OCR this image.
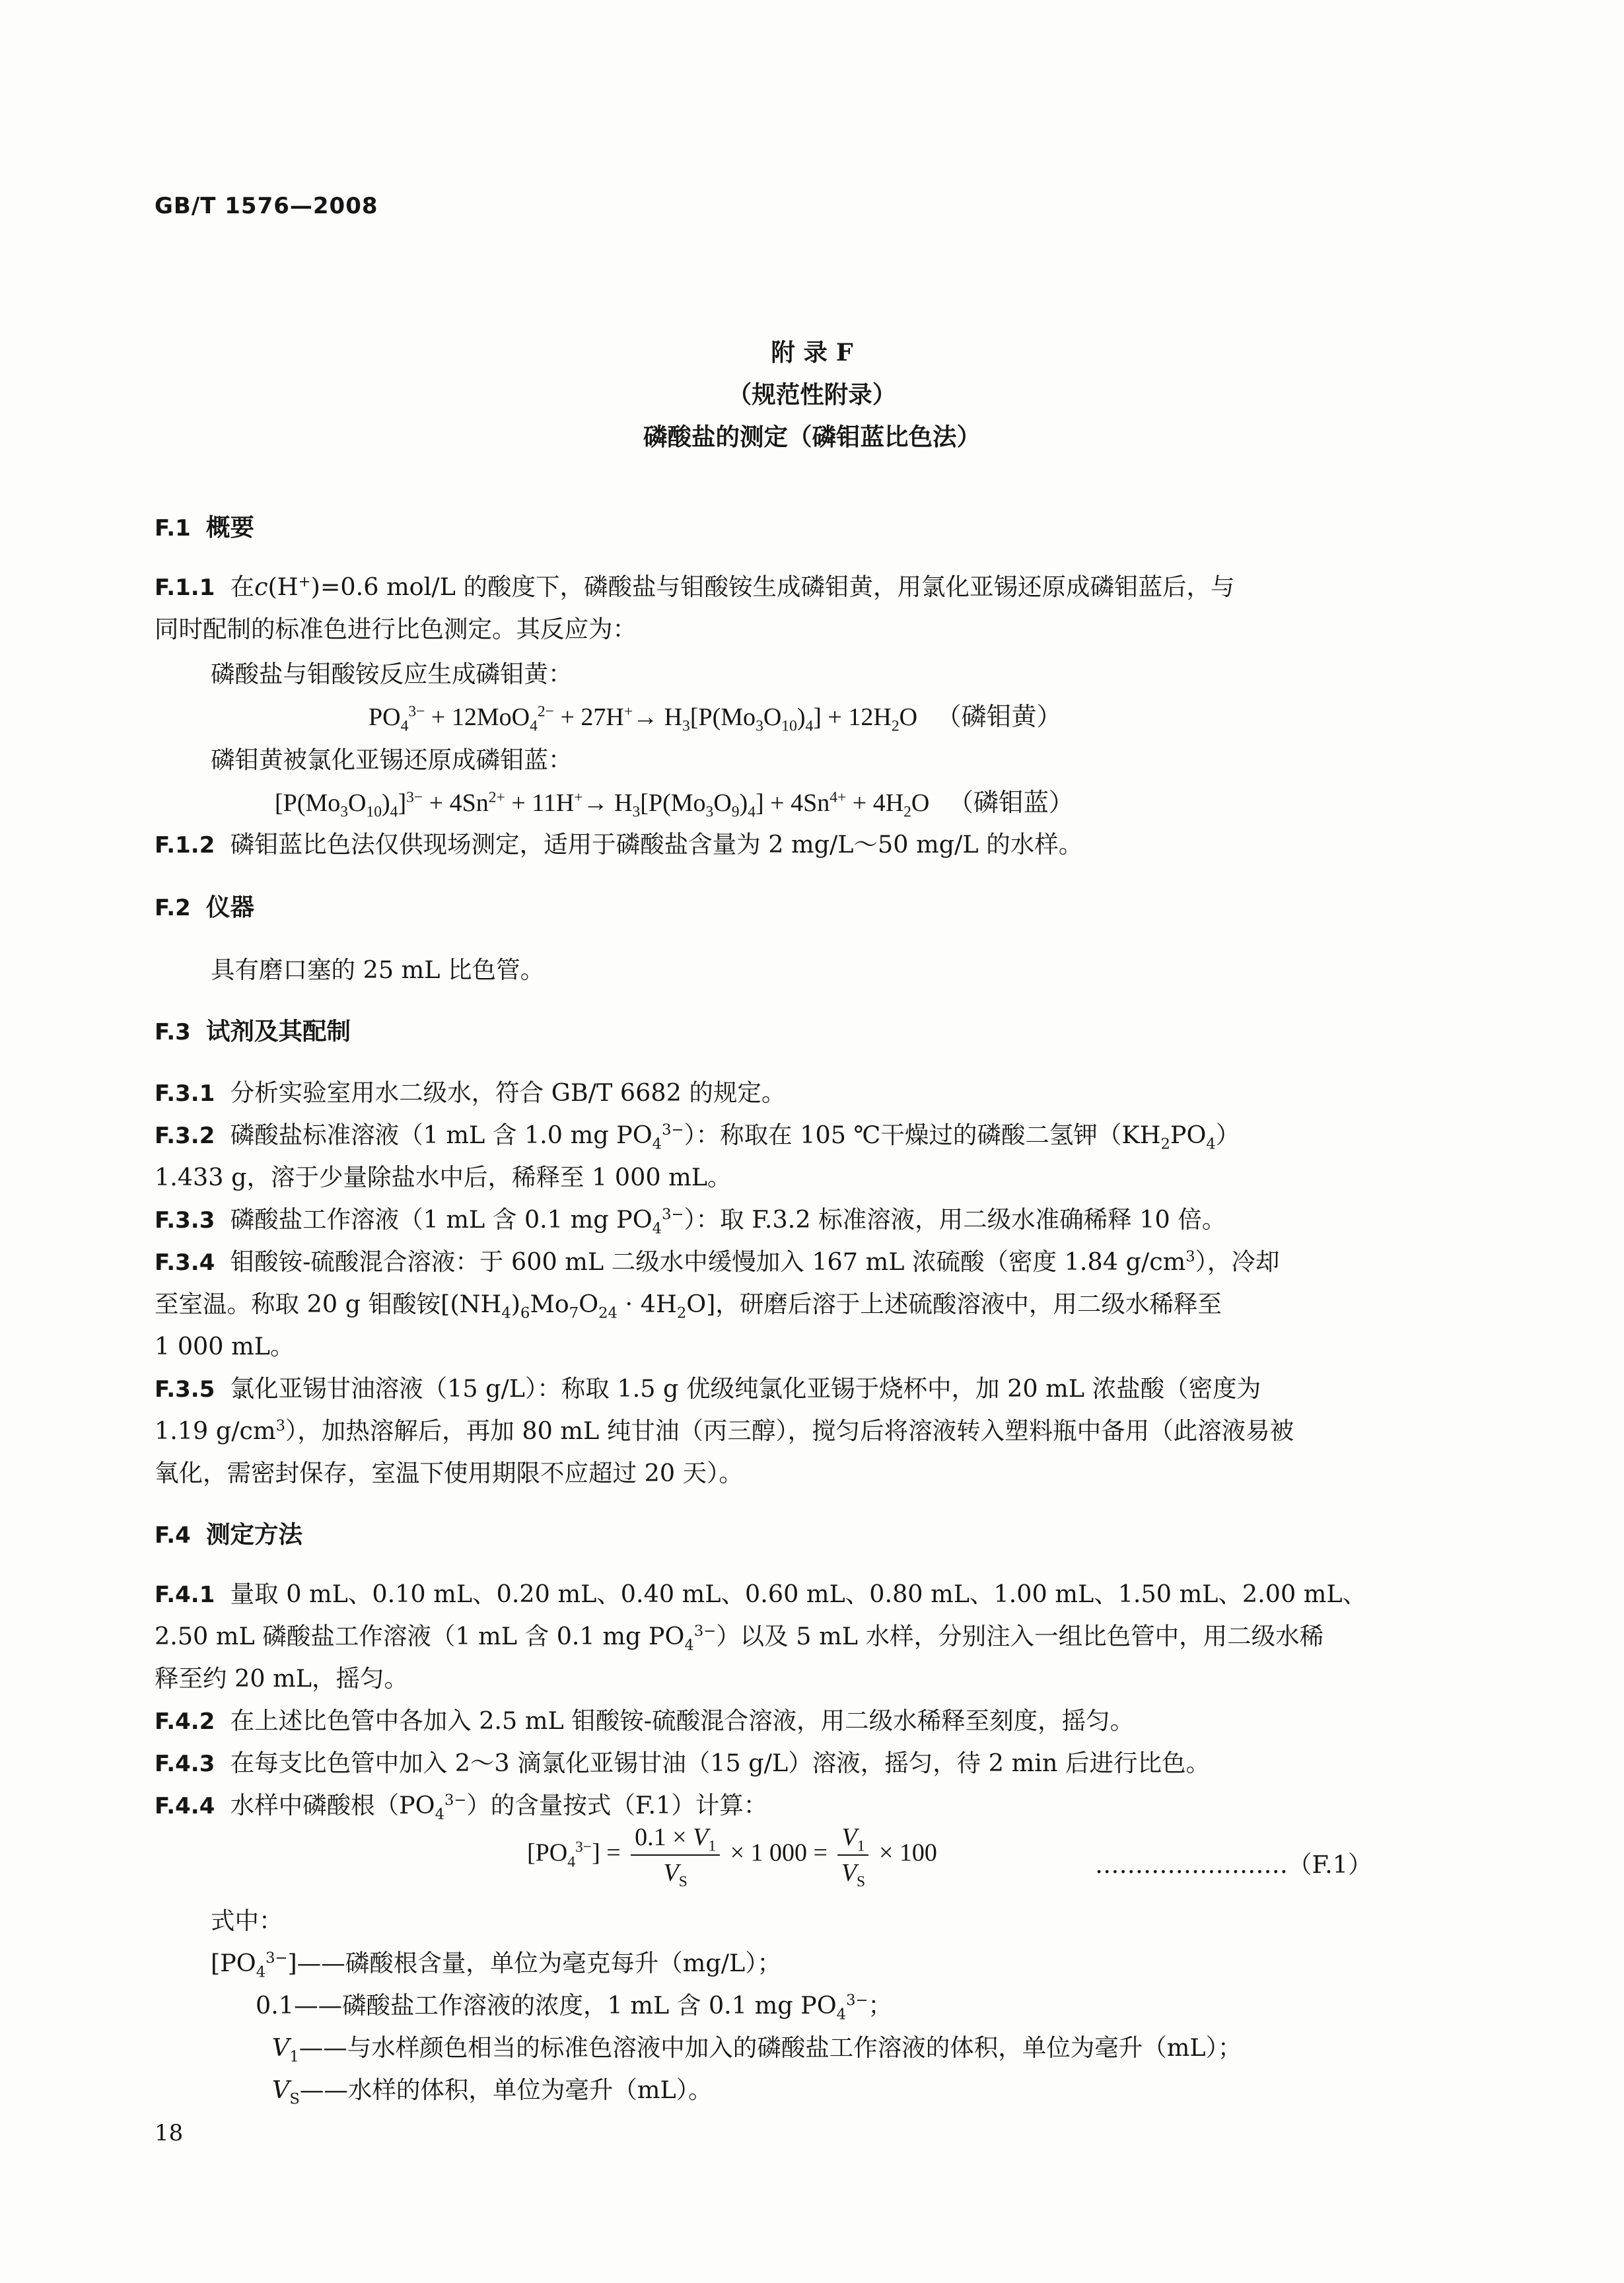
GB/T 1576—2008
附 录 F
（规范性附录）
磷酸盐的测定（磷钼蓝比色法）
F.1 概要
F.1.1  在c(H+)=0.6 mol/L 的酸度下，磷酸盐与钼酸铵生成磷钼黄，用氯化亚锡还原成磷钼蓝后，与
同时配制的标准色进行比色测定。其反应为：
磷酸盐与钼酸铵反应生成磷钼黄：
$PO_4^{3-} + 12MoO_4^{2-} + 27H^+\to H_3[P(Mo_3O_{10})_4] + 12H_2O$   （磷钼黄）
磷钼黄被氯化亚锡还原成磷钼蓝：
$[P(Mo_3O_{10})_4]^{3-} + 4Sn^{2+} + 11H^+\to H_3[P(Mo_3O_9)_4] + 4Sn^{4+} + 4H_2O$   （磷钼蓝）
F.1.2 磷钼蓝比色法仅供现场测定，适用于磷酸盐含量为 2 mg/L～50 mg/L 的水样。
F.2 仪器
具有磨口塞的 25 mL 比色管。
F.3 试剂及其配制
F.3.1 分析实验室用水二级水，符合 GB/T 6682 的规定。
F.3.2  磷酸盐标准溶液（1 mL 含 1.0 mg $PO_4^{3-}$）：称取在 105 ℃干燥过的磷酸二氢钾$(KH_2PO_4)$
1.433 g，溶于少量除盐水中后，稀释至 1 000 mL。
F.3.3  磷酸盐工作溶液（1 mL 含 0.1 mg $PO_4^{3-}$）：取 F.3.2 标准溶液，用二级水准确稀释 10 倍。
F.3.4  钼酸铵-硫酸混合溶液：于 600 mL 二级水中缓慢加入 167 mL 浓硫酸（密度 1.84 $g/cm^3$），冷却
至室温。称取 20 g 钼酸铵$[(NH_4)_6Mo_7O_{24} \cdot 4H_2O]$，研磨后溶于上述硫酸溶液中，用二级水稀释至
1 000 mL。
F.3.5 氯化亚锡甘油溶液（15 g/L）：称取 1.5 g 优级纯氯化亚锡于烧杯中，加 20 mL 浓盐酸（密度为
1.19 $g/cm^3$），加热溶解后，再加 80 mL 纯甘油（丙三醇），搅匀后将溶液转入塑料瓶中备用（此溶液易被
氧化，需密封保存，室温下使用期限不应超过 20 天）。
F.4 测定方法
F.4.1 量取 0 mL、0.10 mL、0.20 mL、0.40 mL、0.60 mL、0.80 mL、1.00 mL、1.50 mL、2.00 mL、
2.50 mL 磷酸盐工作溶液（1 mL 含 0.1 mg $PO_4^{3-}$）以及 5 mL 水样，分别注入一组比色管中，用二级水稀
释至约 20 mL，摇匀。
F.4.2 在上述比色管中各加入 2.5 mL 钼酸铵-硫酸混合溶液，用二级水稀释至刻度，摇匀。
F.4.3 在每支比色管中加入 2～3 滴氯化亚锡甘油（15 g/L）溶液，摇匀，待 2 min 后进行比色。
F.4.4  水样中磷酸根$(PO_4^{3-})$的含量按式（F.1）计算：
$[PO_4^{3-}] = \frac{0.1 \times V_1}{V_S} \times 1$ $000 = \frac{V_1}{V_S} \times 100$	……………………（F.1）
式中：
$[PO_4^{3-}]——$磷酸根含量，单位为毫克每升（mg/L）；
0.1——磷酸盐工作溶液的浓度，1 mL 含 0.1 mg $PO_4^{3-}$；
$V_1——$与水样颜色相当的标准色溶液中加入的磷酸盐工作溶液的体积，单位为毫升（mL）；
$V_S——$水样的体积，单位为毫升（mL）。
18
